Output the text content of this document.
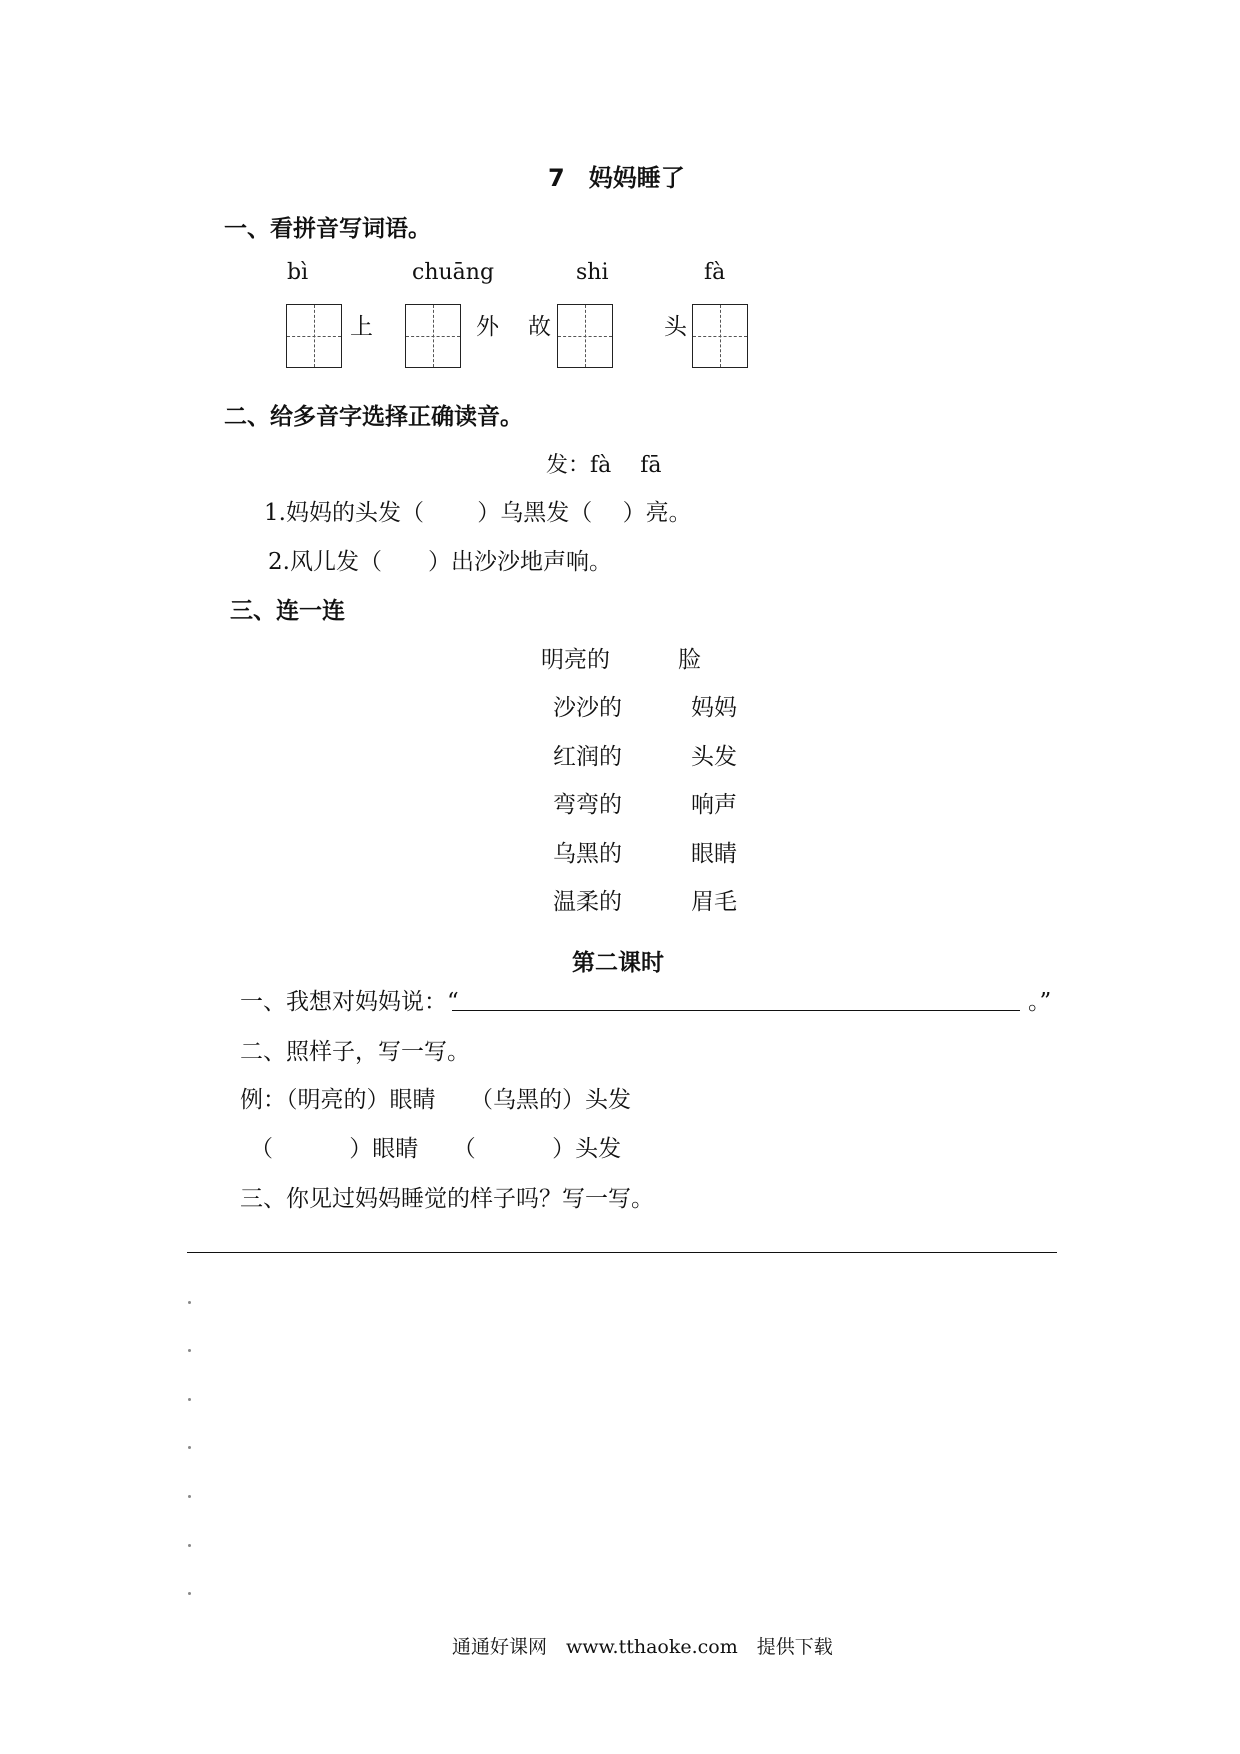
7　妈妈睡了
一、看拼音写词语。
bì	chuāng	shi	fà
上	外 故	头
二、给多音字选择正确读音。
发：fà　 fā
1.妈妈的头发（　　 ）乌黑发（　 ）亮。
2.风儿发（　　）出沙沙地声响。
三、连一连
明亮的	脸
沙沙的	妈妈
红润的	头发
弯弯的	响声
乌黑的	眼睛
温柔的	眉毛
第二课时
一、我想对妈妈说：“	。”
二、照样子，写一写。
例：（明亮的）眼睛　　（乌黑的）头发
（　　　 ）眼睛　　（　　　 ）头发
三、你见过妈妈睡觉的样子吗？写一写。
通通好课网　www.tthaoke.com　提供下载
